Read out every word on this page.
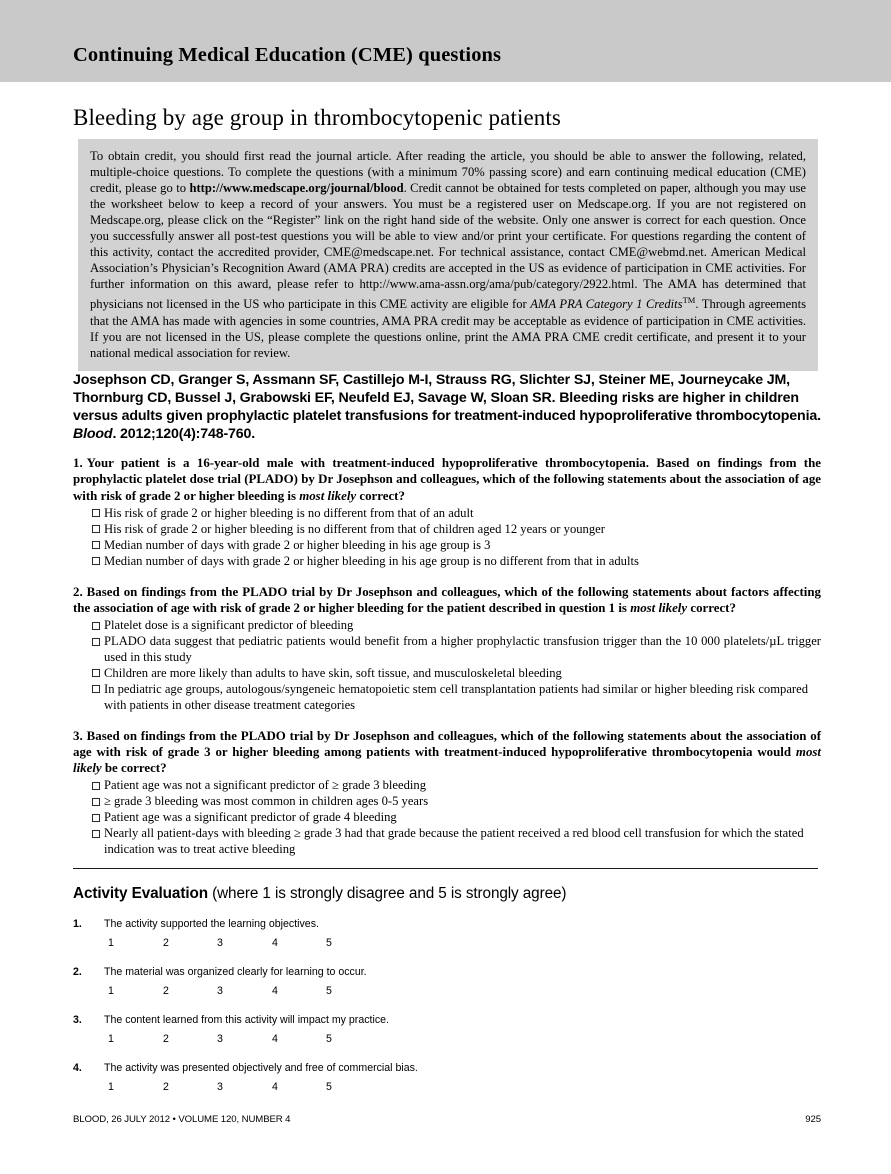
Continuing Medical Education (CME) questions
Bleeding by age group in thrombocytopenic patients

To obtain credit, you should first read the journal article. After reading the article, you should be able to answer the following, related, multiple-choice questions. To complete the questions (with a minimum 70% passing score) and earn continuing medical education (CME) credit, please go to http://www.medscape.org/journal/blood. Credit cannot be obtained for tests completed on paper, although you may use the worksheet below to keep a record of your answers. You must be a registered user on Medscape.org. If you are not registered on Medscape.org, please click on the “Register” link on the right hand side of the website. Only one answer is correct for each question. Once you successfully answer all post-test questions you will be able to view and/or print your certificate. For questions regarding the content of this activity, contact the accredited provider, CME@medscape.net. For technical assistance, contact CME@webmd.net. American Medical Association’s Physician’s Recognition Award (AMA PRA) credits are accepted in the US as evidence of participation in CME activities. For further information on this award, please refer to http://www.ama-assn.org/ama/pub/category/2922.html. The AMA has determined that physicians not licensed in the US who participate in this CME activity are eligible for AMA PRA Category 1 Credits™. Through agreements that the AMA has made with agencies in some countries, AMA PRA credit may be acceptable as evidence of participation in CME activities. If you are not licensed in the US, please complete the questions online, print the AMA PRA CME credit certificate, and present it to your national medical association for review.

Josephson CD, Granger S, Assmann SF, Castillejo M-I, Strauss RG, Slichter SJ, Steiner ME, Journeycake JM, Thornburg CD, Bussel J, Grabowski EF, Neufeld EJ, Savage W, Sloan SR. Bleeding risks are higher in children versus adults given prophylactic platelet transfusions for treatment-induced hypoproliferative thrombocytopenia. Blood. 2012;120(4):748-760.

1. Your patient is a 16-year-old male with treatment-induced hypoproliferative thrombocytopenia. Based on findings from the prophylactic platelet dose trial (PLADO) by Dr Josephson and colleagues, which of the following statements about the association of age with risk of grade 2 or higher bleeding is most likely correct?

His risk of grade 2 or higher bleeding is no different from that of an adult
His risk of grade 2 or higher bleeding is no different from that of children aged 12 years or younger
Median number of days with grade 2 or higher bleeding in his age group is 3
Median number of days with grade 2 or higher bleeding in his age group is no different from that in adults

2. Based on findings from the PLADO trial by Dr Josephson and colleagues, which of the following statements about factors affecting the association of age with risk of grade 2 or higher bleeding for the patient described in question 1 is most likely correct?

Platelet dose is a significant predictor of bleeding
PLADO data suggest that pediatric patients would benefit from a higher prophylactic transfusion trigger than the 10 000 platelets/µL trigger used in this study
Children are more likely than adults to have skin, soft tissue, and musculoskeletal bleeding
In pediatric age groups, autologous/syngeneic hematopoietic stem cell transplantation patients had similar or higher bleeding risk compared with patients in other disease treatment categories

3. Based on findings from the PLADO trial by Dr Josephson and colleagues, which of the following statements about the association of age with risk of grade 3 or higher bleeding among patients with treatment-induced hypoproliferative thrombocytopenia would most likely be correct?

Patient age was not a significant predictor of ≥ grade 3 bleeding
≥ grade 3 bleeding was most common in children ages 0-5 years
Patient age was a significant predictor of grade 4 bleeding
Nearly all patient-days with bleeding ≥ grade 3 had that grade because the patient received a red blood cell transfusion for which the stated indication was to treat active bleeding
Activity Evaluation (where 1 is strongly disagree and 5 is strongly agree)
1. The activity supported the learning objectives.
1	2	3	4	5
2. The material was organized clearly for learning to occur.
1	2	3	4	5
3. The content learned from this activity will impact my practice.
1	2	3	4	5
4. The activity was presented objectively and free of commercial bias.
1	2	3	4	5
BLOOD, 26 JULY 2012 • VOLUME 120, NUMBER 4	925
